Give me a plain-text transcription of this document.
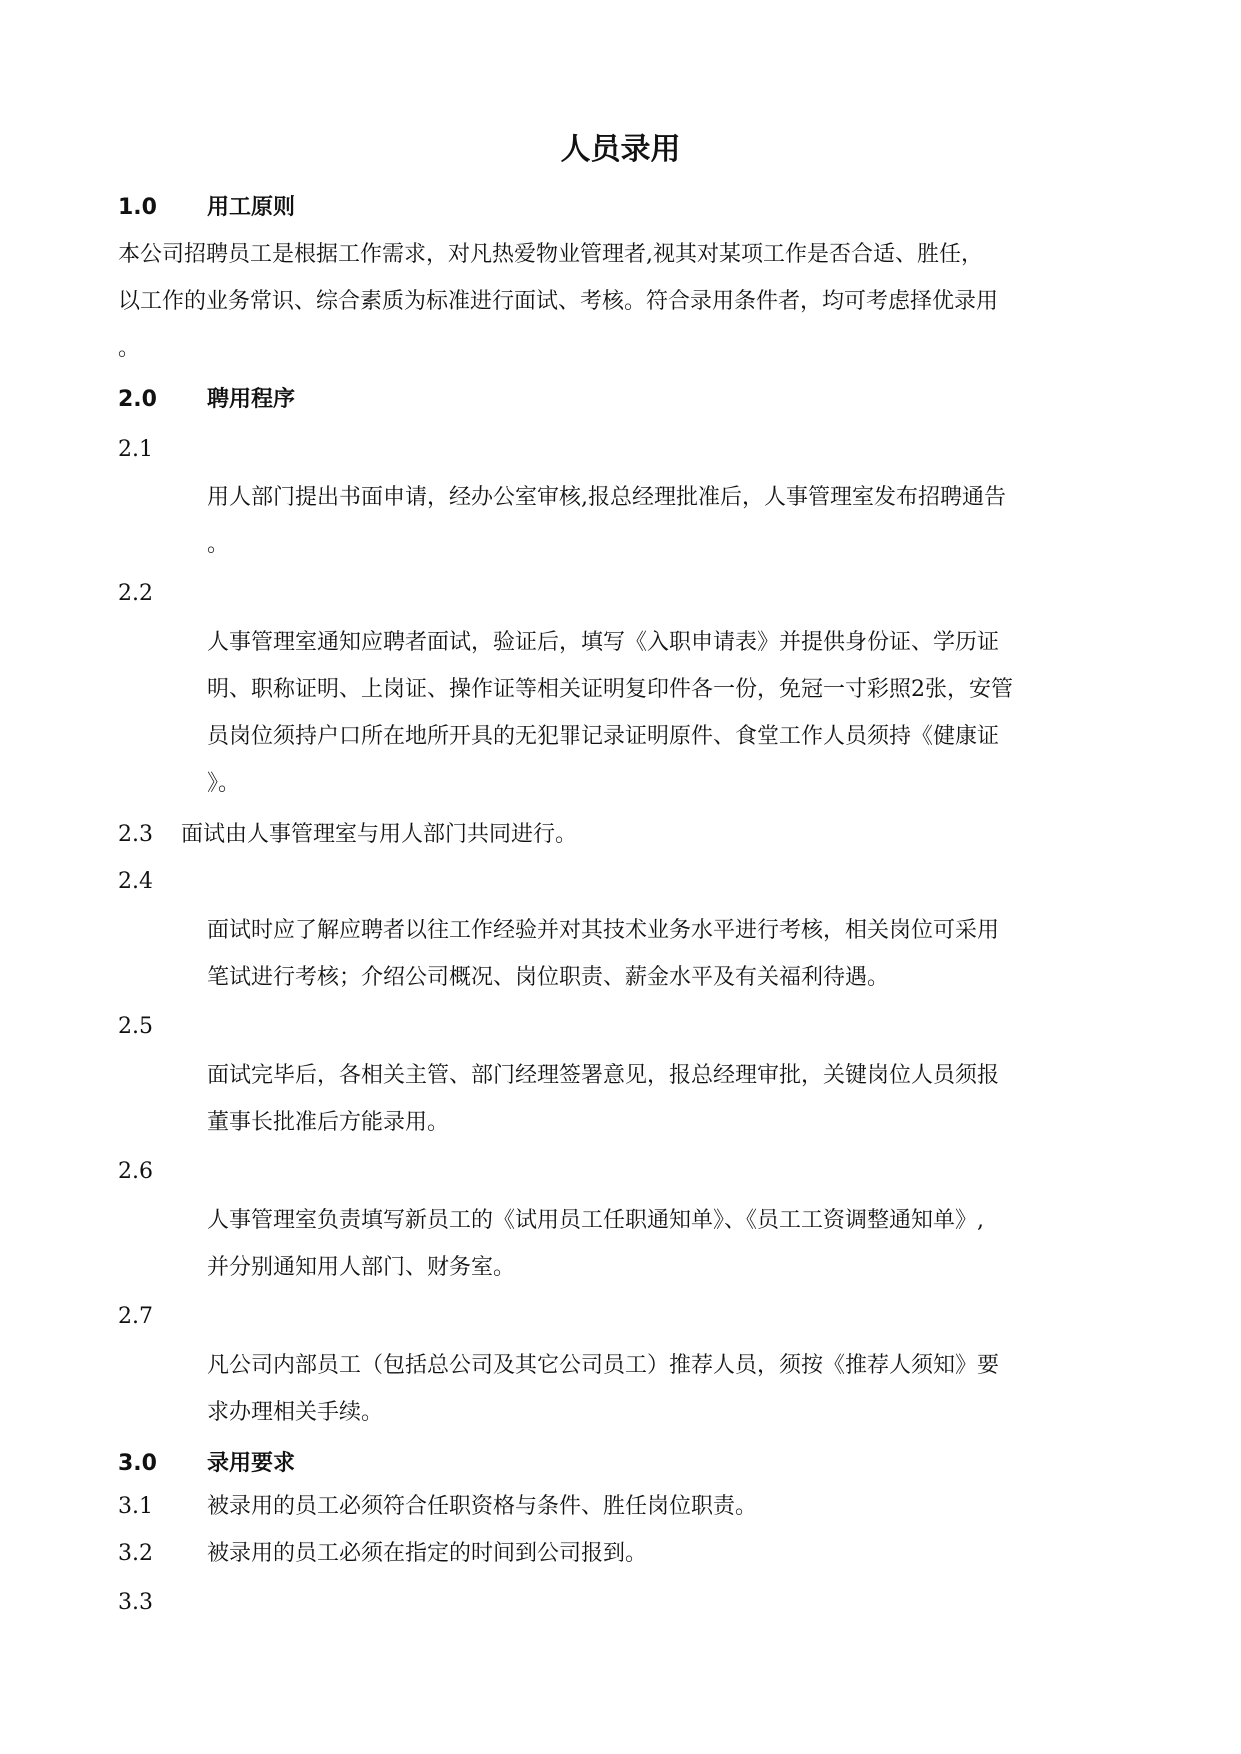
人员录用
1.0 用工原则
本公司招聘员工是根据工作需求，对凡热爱物业管理者,视其对某项工作是否合适、胜任，
以工作的业务常识、综合素质为标准进行面试、考核。符合录用条件者，均可考虑择优录用
。
2.0 聘用程序
2.1
用人部门提出书面申请，经办公室审核,报总经理批准后，人事管理室发布招聘通告
。
2.2
人事管理室通知应聘者面试，验证后，填写《入职申请表》并提供身份证、学历证
明、职称证明、上岗证、操作证等相关证明复印件各一份，免冠一寸彩照2张，安管
员岗位须持户口所在地所开具的无犯罪记录证明原件、食堂工作人员须持《健康证
》。
2.3 面试由人事管理室与用人部门共同进行。
2.4
面试时应了解应聘者以往工作经验并对其技术业务水平进行考核，相关岗位可采用
笔试进行考核；介绍公司概况、岗位职责、薪金水平及有关福利待遇。
2.5
面试完毕后，各相关主管、部门经理签署意见，报总经理审批，关键岗位人员须报
董事长批准后方能录用。
2.6
人事管理室负责填写新员工的《试用员工任职通知单》、《员工工资调整通知单》,
并分别通知用人部门、财务室。
2.7
凡公司内部员工（包括总公司及其它公司员工）推荐人员，须按《推荐人须知》要
求办理相关手续。
3.0 录用要求
3.1 被录用的员工必须符合任职资格与条件、胜任岗位职责。
3.2 被录用的员工必须在指定的时间到公司报到。
3.3
